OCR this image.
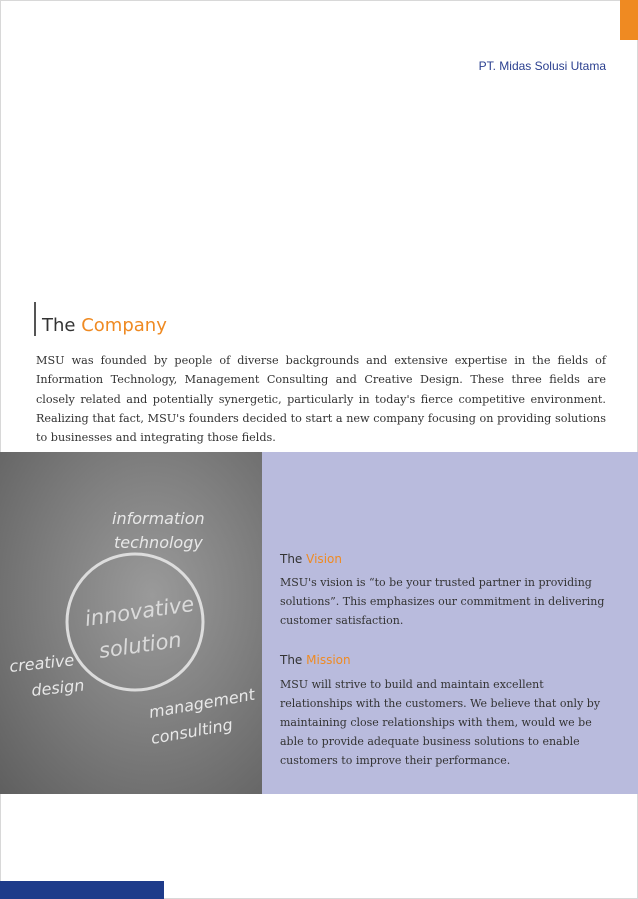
PT. Midas Solusi Utama
The Company

MSU was founded by people of diverse backgrounds and extensive expertise in the fields of Information Technology, Management Consulting and Creative Design. These three fields are closely related and potentially synergetic, particularly in today's fierce competitive environment. Realizing that fact, MSU's founders decided to start a new company focusing on providing solutions to businesses and integrating those fields.

information
technology
innovative
solution
creative
design	management
consulting
The Vision

MSU's vision is “to be your trusted partner in providing solutions”. This emphasizes our commitment in delivering customer satisfaction.

The Mission

MSU will strive to build and maintain excellent relationships with the customers. We believe that only by maintaining close relationships with them, would we be able to provide adequate business solutions to enable customers to improve their performance.
